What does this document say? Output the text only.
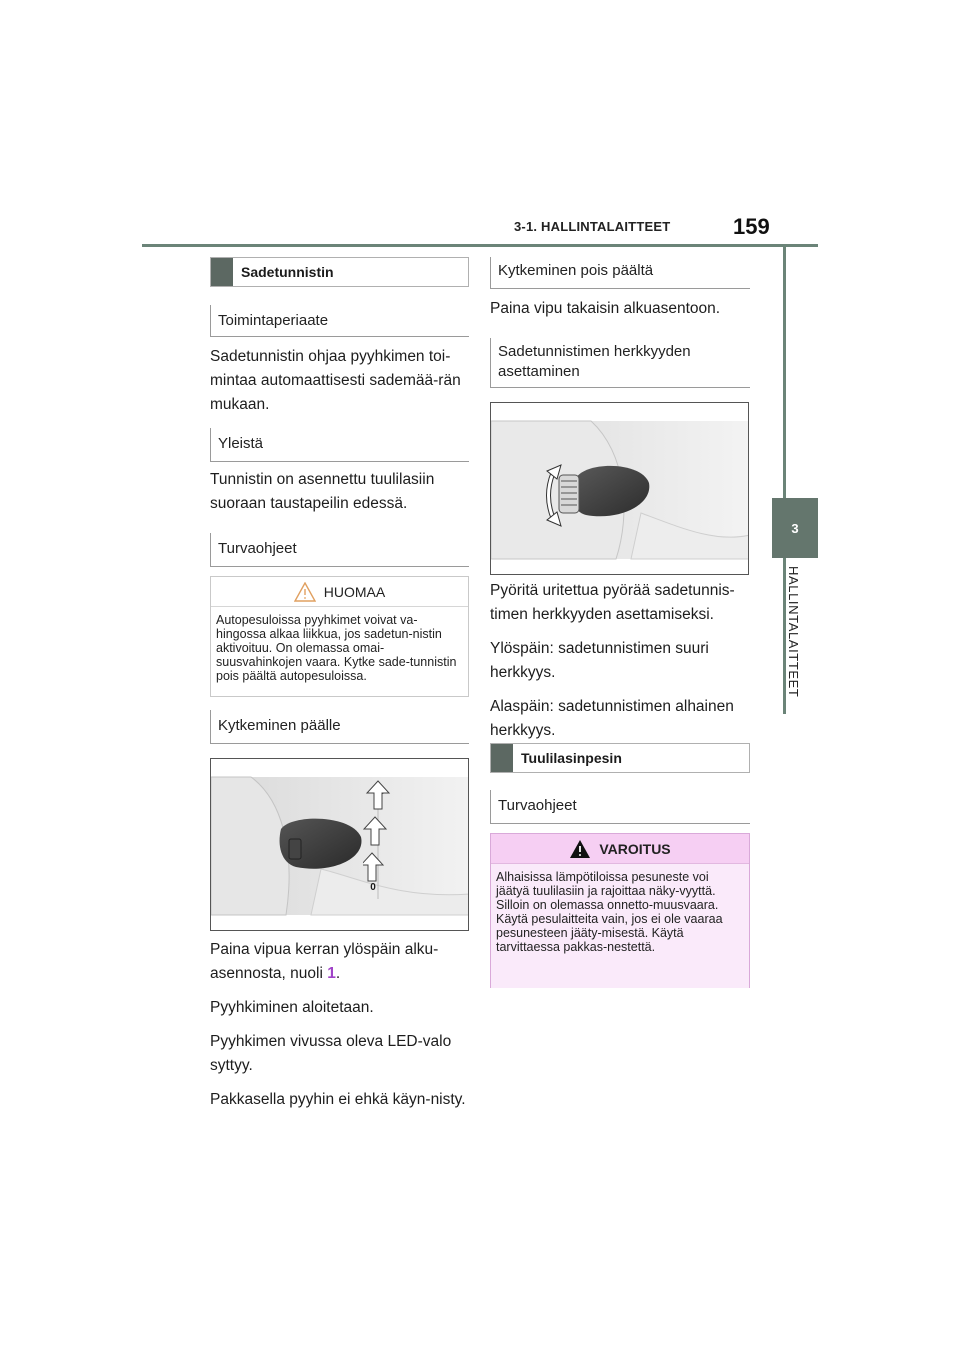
3-1. HALLINTALAITTEET	159
3
HALLINTALAITTEET
Sadetunnistin
Toimintaperiaate

Sadetunnistin ohjaa pyyhkimen toi-mintaa automaattisesti sademää-rän mukaan.

Yleistä

Tunnistin on asennettu tuulilasiin suoraan taustapeilin edessä.

Turvaohjeet
HUOMAA
Autopesuloissa pyyhkimet voivat va-hingossa alkaa liikkua, jos sadetun-nistin aktivoituu. On olemassa omai-suusvahinkojen vaara. Kytke sade-tunnistin pois päältä autopesuloissa.
Kytkeminen päälle
0

Paina vipua kerran ylöspäin alku-asennosta, nuoli 1.

Pyyhkiminen aloitetaan.

Pyyhkimen vivussa oleva LED-valo syttyy.

Pakkasella pyyhin ei ehkä käyn-nisty.

Kytkeminen pois päältä

Paina vipu takaisin alkuasentoon.

Sadetunnistimen herkkyyden asettaminen

Pyöritä uritettua pyörää sadetunnis-timen herkkyyden asettamiseksi.

Ylöspäin: sadetunnistimen suuri herkkyys.

Alaspäin: sadetunnistimen alhainen herkkyys.

Tuulilasinpesin
Turvaohjeet
VAROITUS
Alhaisissa lämpötiloissa pesuneste voi jäätyä tuulilasiin ja rajoittaa näky-vyyttä. Silloin on olemassa onnetto-muusvaara. Käytä pesulaitteita vain, jos ei ole vaaraa pesunesteen jääty-misestä. Käytä tarvittaessa pakkas-nestettä.
